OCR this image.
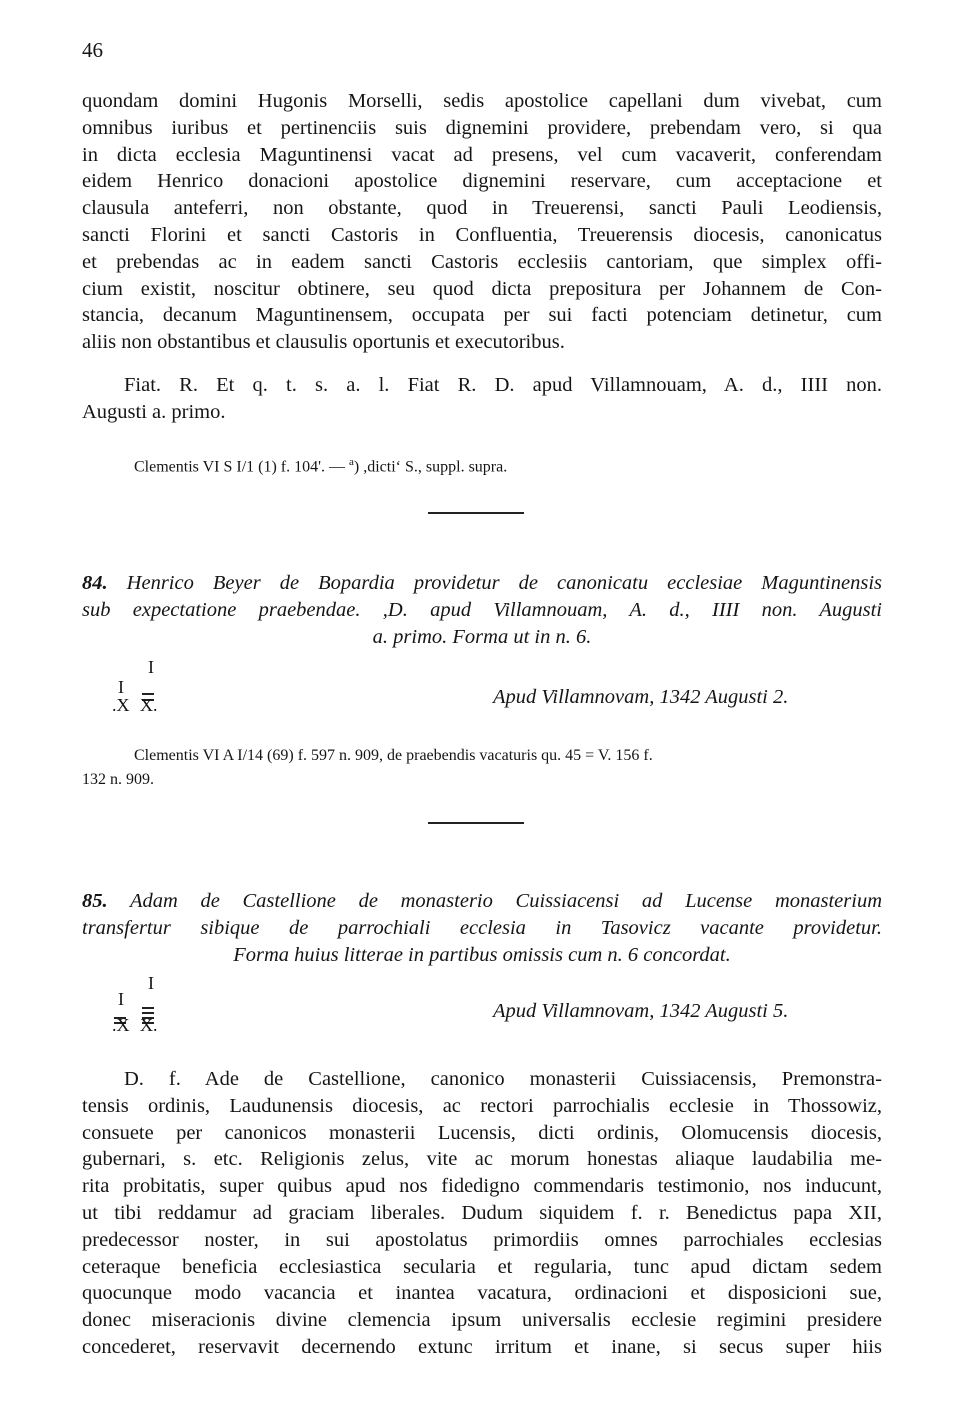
46
quondam domini Hugonis Morselli, sedis apostolice capellani dum vivebat, cum
omnibus iuribus et pertinenciis suis dignemini providere, prebendam vero, si qua
in dicta ecclesia Maguntinensi vacat ad presens, vel cum vacaverit, conferendam
eidem Henrico donacioni apostolice dignemini reservare, cum acceptacione et
clausula anteferri, non obstante, quod in Treuerensi, sancti Pauli Leodiensis,
sancti Florini et sancti Castoris in Confluentia, Treuerensis diocesis, canonicatus
et prebendas ac in eadem sancti Castoris ecclesiis cantoriam, que simplex offi-
cium existit, noscitur obtinere, seu quod dicta prepositura per Johannem de Con-
stancia, decanum Maguntinensem, occupata per sui facti potenciam detinetur, cum
aliis non obstantibus et clausulis oportunis et executoribus.
Fiat. R. Et q. t. s. a. l. Fiat R. D. apud Villamnouam, A. d., IIII non.
Augusti a. primo.
Clementis VI S I/1 (1) f. 104'. — $^a$) ,dicti‘ S., suppl. supra.
84. Henrico Beyer de Bopardia providetur de canonicatu ecclesiae Maguntinensis
sub expectatione praebendae. ,D. apud Villamnouam, A. d., IIII non. Augusti
a. primo. Forma ut in n. 6.
I
I
.X X.	Apud Villamnovam, 1342 Augusti 2.
Clementis VI A I/14 (69) f. 597 n. 909, de praebendis vacaturis qu. 45 = V. 156 f.
132 n. 909.
85. Adam de Castellione de monasterio Cuissiacensi ad Lucense monasterium
transfertur sibique de parrochiali ecclesia in Tasovicz vacante providetur.
Forma huius litterae in partibus omissis cum n. 6 concordat.
I
I
.X X.
Apud Villamnovam, 1342 Augusti 5.
D. f. Ade de Castellione, canonico monasterii Cuissiacensis, Premonstra-
tensis ordinis, Laudunensis diocesis, ac rectori parrochialis ecclesie in Thossowiz,
consuete per canonicos monasterii Lucensis, dicti ordinis, Olomucensis diocesis,
gubernari, s. etc. Religionis zelus, vite ac morum honestas aliaque laudabilia me-
rita probitatis, super quibus apud nos fidedigno commendaris testimonio, nos inducunt,
ut tibi reddamur ad graciam liberales. Dudum siquidem f. r. Benedictus papa XII,
predecessor noster, in sui apostolatus primordiis omnes parrochiales ecclesias
ceteraque beneficia ecclesiastica secularia et regularia, tunc apud dictam sedem
quocunque modo vacancia et inantea vacatura, ordinacioni et disposicioni sue,
donec miseracionis divine clemencia ipsum universalis ecclesie regimini presidere
concederet, reservavit decernendo extunc irritum et inane, si secus super hiis
